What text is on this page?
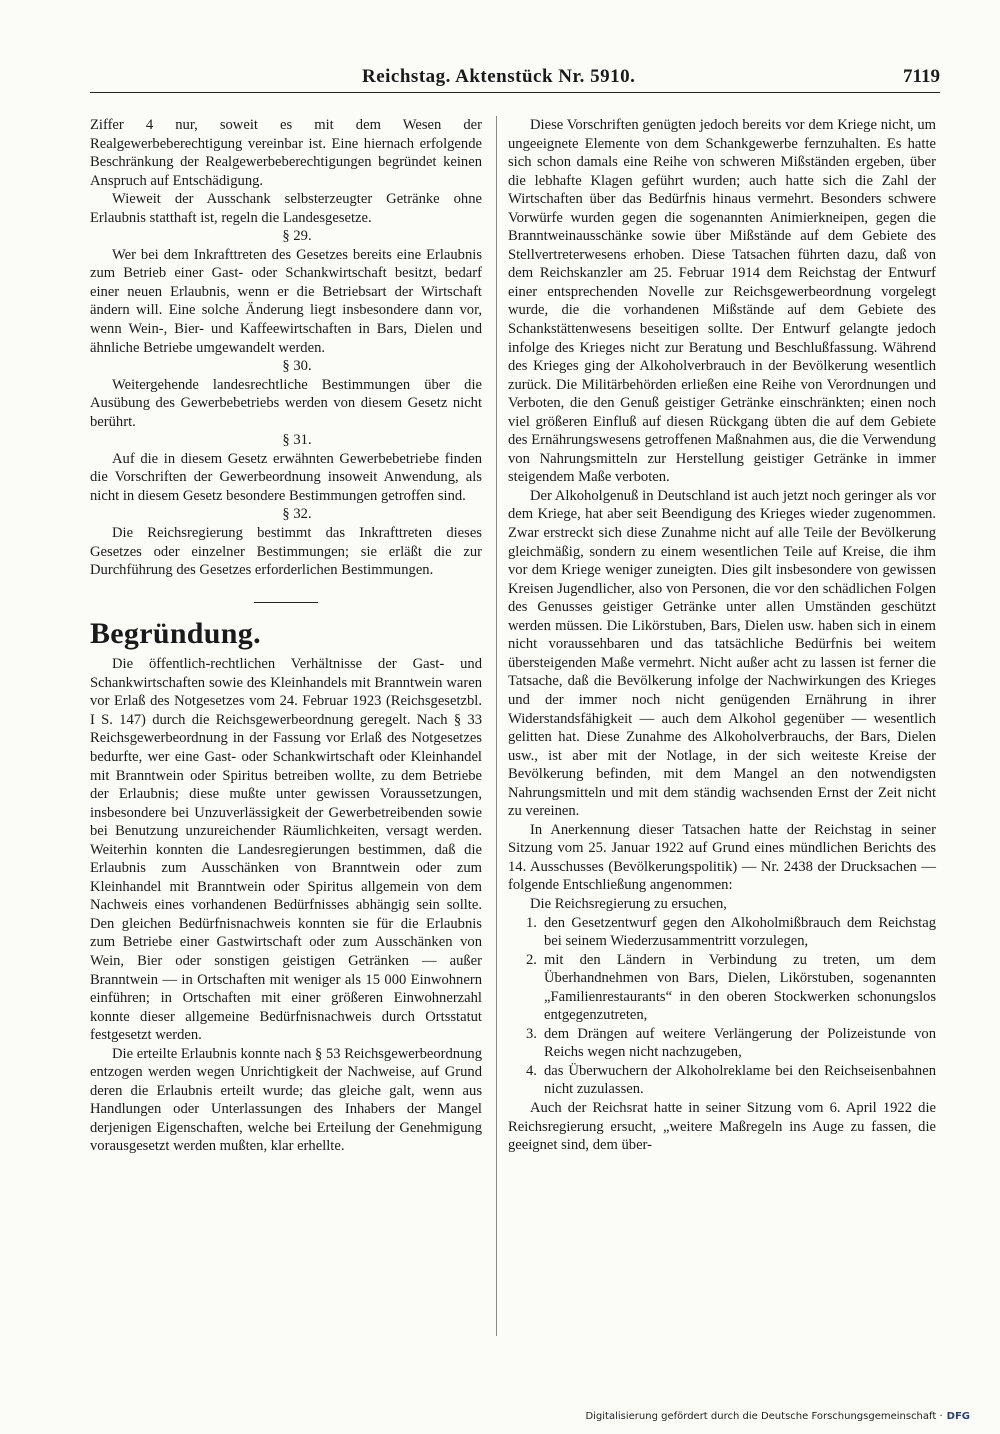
Reichstag. Aktenstück Nr. 5910.	7119

Ziffer 4 nur, soweit es mit dem Wesen der Realgewerbeberechtigung vereinbar ist. Eine hiernach erfolgende Beschränkung der Realgewerbeberechtigungen begründet keinen Anspruch auf Entschädigung.

Wieweit der Ausschank selbsterzeugter Getränke ohne Erlaubnis statthaft ist, regeln die Landesgesetze.

§ 29.

Wer bei dem Inkrafttreten des Gesetzes bereits eine Erlaubnis zum Betrieb einer Gast- oder Schankwirtschaft besitzt, bedarf einer neuen Erlaubnis, wenn er die Betriebsart der Wirtschaft ändern will. Eine solche Änderung liegt insbesondere dann vor, wenn Wein-, Bier- und Kaffeewirtschaften in Bars, Dielen und ähnliche Betriebe umgewandelt werden.

§ 30.

Weitergehende landesrechtliche Bestimmungen über die Ausübung des Gewerbebetriebs werden von diesem Gesetz nicht berührt.

§ 31.

Auf die in diesem Gesetz erwähnten Gewerbebetriebe finden die Vorschriften der Gewerbeordnung insoweit Anwendung, als nicht in diesem Gesetz besondere Bestimmungen getroffen sind.

§ 32.

Die Reichsregierung bestimmt das Inkrafttreten dieses Gesetzes oder einzelner Bestimmungen; sie erläßt die zur Durchführung des Gesetzes erforderlichen Bestimmungen.

Begründung.

Die öffentlich-rechtlichen Verhältnisse der Gast- und Schankwirtschaften sowie des Kleinhandels mit Branntwein waren vor Erlaß des Notgesetzes vom 24. Februar 1923 (Reichsgesetzbl. I S. 147) durch die Reichsgewerbeordnung geregelt. Nach § 33 Reichsgewerbeordnung in der Fassung vor Erlaß des Notgesetzes bedurfte, wer eine Gast- oder Schankwirtschaft oder Kleinhandel mit Branntwein oder Spiritus betreiben wollte, zu dem Betriebe der Erlaubnis; diese mußte unter gewissen Voraussetzungen, insbesondere bei Unzuverlässigkeit der Gewerbetreibenden sowie bei Benutzung unzureichender Räumlichkeiten, versagt werden. Weiterhin konnten die Landesregierungen bestimmen, daß die Erlaubnis zum Ausschänken von Branntwein oder zum Kleinhandel mit Branntwein oder Spiritus allgemein von dem Nachweis eines vorhandenen Bedürfnisses abhängig sein sollte. Den gleichen Bedürfnisnachweis konnten sie für die Erlaubnis zum Betriebe einer Gastwirtschaft oder zum Ausschänken von Wein, Bier oder sonstigen geistigen Getränken — außer Branntwein — in Ortschaften mit weniger als 15 000 Einwohnern einführen; in Ortschaften mit einer größeren Einwohnerzahl konnte dieser allgemeine Bedürfnisnachweis durch Ortsstatut festgesetzt werden.

Die erteilte Erlaubnis konnte nach § 53 Reichsgewerbeordnung entzogen werden wegen Unrichtigkeit der Nachweise, auf Grund deren die Erlaubnis erteilt wurde; das gleiche galt, wenn aus Handlungen oder Unterlassungen des Inhabers der Mangel derjenigen Eigenschaften, welche bei Erteilung der Genehmigung vorausgesetzt werden mußten, klar erhellte.

Diese Vorschriften genügten jedoch bereits vor dem Kriege nicht, um ungeeignete Elemente von dem Schankgewerbe fernzuhalten. Es hatte sich schon damals eine Reihe von schweren Mißständen ergeben, über die lebhafte Klagen geführt wurden; auch hatte sich die Zahl der Wirtschaften über das Bedürfnis hinaus vermehrt. Besonders schwere Vorwürfe wurden gegen die sogenannten Animierkneipen, gegen die Branntweinausschänke sowie über Mißstände auf dem Gebiete des Stellvertreterwesens erhoben. Diese Tatsachen führten dazu, daß von dem Reichskanzler am 25. Februar 1914 dem Reichstag der Entwurf einer entsprechenden Novelle zur Reichsgewerbeordnung vorgelegt wurde, die die vorhandenen Mißstände auf dem Gebiete des Schankstättenwesens beseitigen sollte. Der Entwurf gelangte jedoch infolge des Krieges nicht zur Beratung und Beschlußfassung. Während des Krieges ging der Alkoholverbrauch in der Bevölkerung wesentlich zurück. Die Militärbehörden erließen eine Reihe von Verordnungen und Verboten, die den Genuß geistiger Getränke einschränkten; einen noch viel größeren Einfluß auf diesen Rückgang übten die auf dem Gebiete des Ernährungswesens getroffenen Maßnahmen aus, die die Verwendung von Nahrungsmitteln zur Herstellung geistiger Getränke in immer steigendem Maße verboten.

Der Alkoholgenuß in Deutschland ist auch jetzt noch geringer als vor dem Kriege, hat aber seit Beendigung des Krieges wieder zugenommen. Zwar erstreckt sich diese Zunahme nicht auf alle Teile der Bevölkerung gleichmäßig, sondern zu einem wesentlichen Teile auf Kreise, die ihm vor dem Kriege weniger zuneigten. Dies gilt insbesondere von gewissen Kreisen Jugendlicher, also von Personen, die vor den schädlichen Folgen des Genusses geistiger Getränke unter allen Umständen geschützt werden müssen. Die Likörstuben, Bars, Dielen usw. haben sich in einem nicht voraussehbaren und das tatsächliche Bedürfnis bei weitem übersteigenden Maße vermehrt. Nicht außer acht zu lassen ist ferner die Tatsache, daß die Bevölkerung infolge der Nachwirkungen des Krieges und der immer noch nicht genügenden Ernährung in ihrer Widerstandsfähigkeit — auch dem Alkohol gegenüber — wesentlich gelitten hat. Diese Zunahme des Alkoholverbrauchs, der Bars, Dielen usw., ist aber mit der Notlage, in der sich weiteste Kreise der Bevölkerung befinden, mit dem Mangel an den notwendigsten Nahrungsmitteln und mit dem ständig wachsenden Ernst der Zeit nicht zu vereinen.

In Anerkennung dieser Tatsachen hatte der Reichstag in seiner Sitzung vom 25. Januar 1922 auf Grund eines mündlichen Berichts des 14. Ausschusses (Bevölkerungspolitik) — Nr. 2438 der Drucksachen — folgende Entschließung angenommen:

Die Reichsregierung zu ersuchen,

1. den Gesetzentwurf gegen den Alkoholmißbrauch dem Reichstag bei seinem Wiederzusammentritt vorzulegen,
2. mit den Ländern in Verbindung zu treten, um dem Überhandnehmen von Bars, Dielen, Likörstuben, sogenannten „Familienrestaurants“ in den oberen Stockwerken schonungslos entgegenzutreten,
3. dem Drängen auf weitere Verlängerung der Polizeistunde von Reichs wegen nicht nachzugeben,
4. das Überwuchern der Alkoholreklame bei den Reichseisenbahnen nicht zuzulassen.

Auch der Reichsrat hatte in seiner Sitzung vom 6. April 1922 die Reichsregierung ersucht, „weitere Maßregeln ins Auge zu fassen, die geeignet sind, dem über-

Digitalisierung gefördert durch die Deutsche Forschungsgemeinschaft · DFG
